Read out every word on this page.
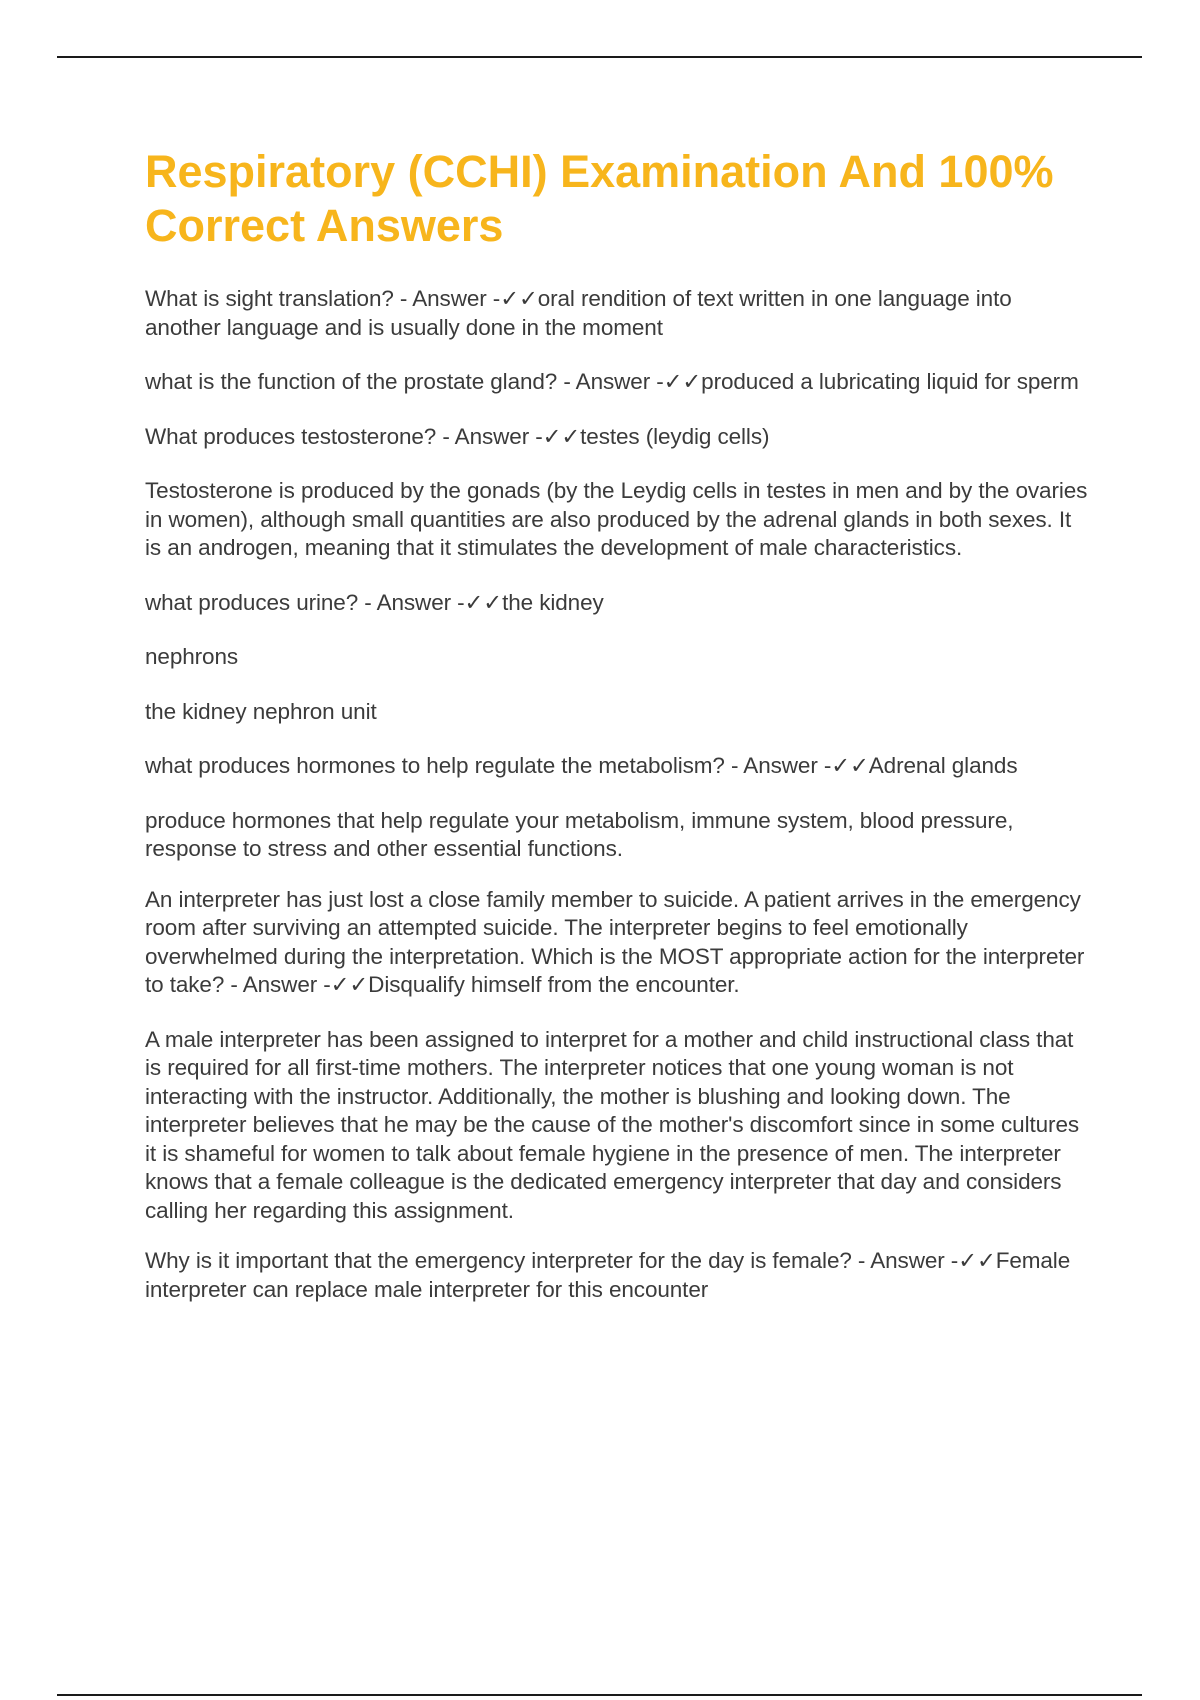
Respiratory (CCHI) Examination And 100% Correct Answers

What is sight translation? - Answer -✓✓oral rendition of text written in one language into another language and is usually done in the moment

what is the function of the prostate gland? - Answer -✓✓produced a lubricating liquid for sperm

What produces testosterone? - Answer -✓✓testes (leydig cells)

Testosterone is produced by the gonads (by the Leydig cells in testes in men and by the ovaries in women), although small quantities are also produced by the adrenal glands in both sexes. It is an androgen, meaning that it stimulates the development of male characteristics.

what produces urine? - Answer -✓✓the kidney

nephrons

the kidney nephron unit

what produces hormones to help regulate the metabolism? - Answer -✓✓Adrenal glands

produce hormones that help regulate your metabolism, immune system, blood pressure, response to stress and other essential functions.

An interpreter has just lost a close family member to suicide. A patient arrives in the emergency room after surviving an attempted suicide. The interpreter begins to feel emotionally overwhelmed during the interpretation. Which is the MOST appropriate action for the interpreter to take? - Answer -✓✓Disqualify himself from the encounter.

A male interpreter has been assigned to interpret for a mother and child instructional class that is required for all first-time mothers. The interpreter notices that one young woman is not interacting with the instructor. Additionally, the mother is blushing and looking down. The interpreter believes that he may be the cause of the mother's discomfort since in some cultures it is shameful for women to talk about female hygiene in the presence of men. The interpreter knows that a female colleague is the dedicated emergency interpreter that day and considers calling her regarding this assignment.

Why is it important that the emergency interpreter for the day is female? - Answer -✓✓Female interpreter can replace male interpreter for this encounter
